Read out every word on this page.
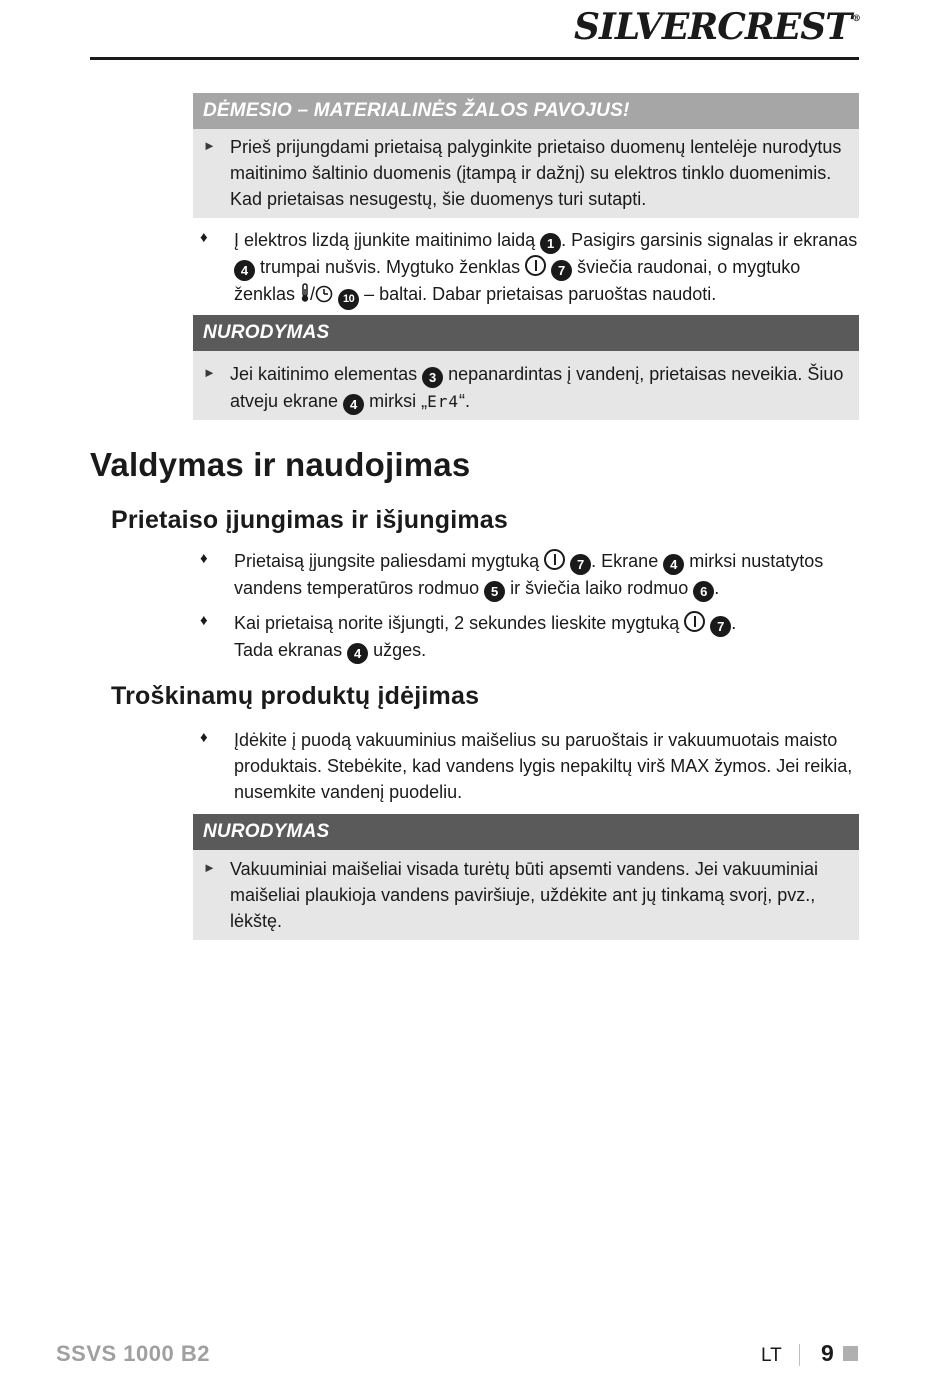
SILVERCREST®
DĖMESIO – MATERIALINĖS ŽALOS PAVOJUS!
► Prieš prijungdami prietaisą palyginkite prietaiso duomenų lentelėje nurodytus maitinimo šaltinio duomenis (įtampą ir dažnį) su elektros tinklo duomenimis. Kad prietaisas nesugestų, šie duomenys turi sutapti.
♦	Į elektros lizdą įjunkite maitinimo laidą 1 . Pasigirs garsinis signalas ir ekranas 4 trumpai nušvis. Mygtuko ženklas	7 šviečia raudonai, o mygtuko ženklas /	10 – baltai. Dabar prietaisas paruoštas naudoti.
NURODYMAS
► Jei kaitinimo elementas 3 nepanardintas į vandenį, prietaisas neveikia. Šiuo atveju ekrane 4 mirksi „Er4“.
Valdymas ir naudojimas
Prietaiso įjungimas ir išjungimas
♦	Prietaisą įjungsite paliesdami mygtuką	7 . Ekrane 4 mirksi nustatytos vandens temperatūros rodmuo 5 ir šviečia laiko rodmuo 6 .
♦	Kai prietaisą norite išjungti, 2 sekundes lieskite mygtuką	7 .
Tada ekranas 4 užges.
Troškinamų produktų įdėjimas
♦	Įdėkite į puodą vakuuminius maišelius su paruoštais ir vakuumuotais maisto produktais. Stebėkite, kad vandens lygis nepakiltų virš MAX žymos. Jei reikia, nusemkite vandenį puodeliu.
NURODYMAS
► Vakuuminiai maišeliai visada turėtų būti apsemti vandens. Jei vakuuminiai maišeliai plaukioja vandens paviršiuje, uždėkite ant jų tinkamą svorį, pvz., lėkštę.
SSVS 1000 B2	LT 9
